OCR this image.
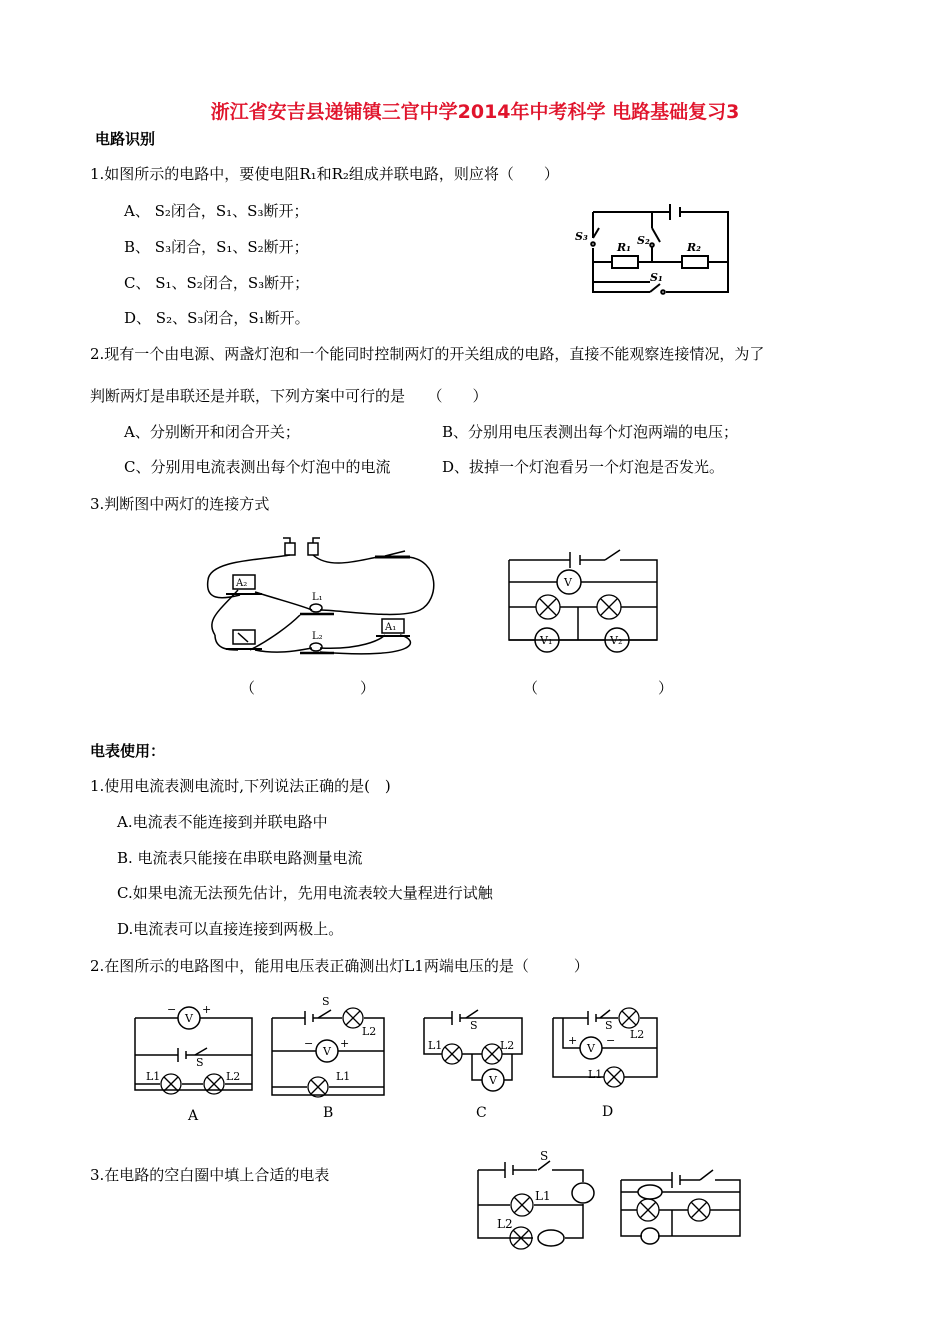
浙江省安吉县递铺镇三官中学2014年中考科学 电路基础复习3
电路识别
1.如图所示的电路中，要使电阻R₁和R₂组成并联电路，则应将（　　）
A、 S₂闭合，S₁、S₃断开；
B、 S₃闭合，S₁、S₂断开；
C、 S₁、S₂闭合，S₃断开；
D、 S₂、S₃闭合，S₁断开。
S₃	S₂
R₁	R₂
S₁
2.现有一个由电源、两盏灯泡和一个能同时控制两灯的开关组成的电路，直接不能观察连接情况，为了
判断两灯是串联还是并联，下列方案中可行的是　　（　　）
A、分别断开和闭合开关；	B、分别用电压表测出每个灯泡两端的电压；
C、分别用电流表测出每个灯泡中的电流	D、拔掉一个灯泡看另一个灯泡是否发光。
3.判断图中两灯的连接方式
A₂
A₁
L₁
L₂
（　　　　　　　）
V
V₁	V₂
（　　　　　　　　）
电表使用：
1.使用电流表测电流时,下列说法正确的是(　)
A.电流表不能连接到并联电路中
B. 电流表只能接在串联电路测量电流
C.如果电流无法预先估计，先用电流表较大量程进行试触
D.电流表可以直接连接到两极上。
2.在图所示的电路图中，能用电压表正确测出灯L1两端电压的是（　　　）
V
− +
S
L1	L2
S
L2
V
− +
L1
S
L1	L2
V
S
L2
V
+	−
L1
A	B	C	D
3.在电路的空白圈中填上合适的电表
S
L1
L2
